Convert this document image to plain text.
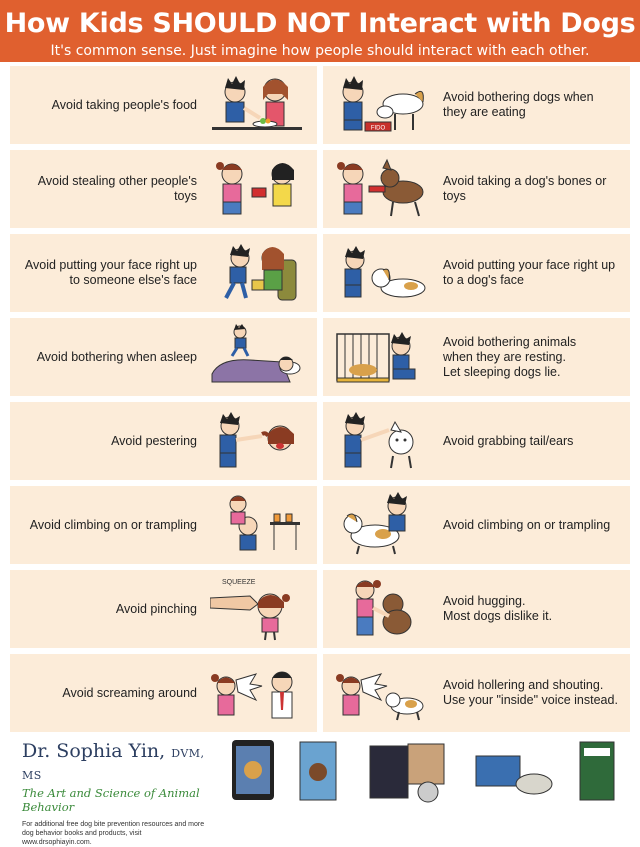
How Kids SHOULD NOT Interact with Dogs
It's common sense. Just imagine how people should interact with each other.
Avoid taking people's food
FIDO
Avoid bothering dogs when
they are eating
Avoid stealing other people's toys
Avoid taking a dog's bones or toys
Avoid putting your face right up
to someone else's face
Avoid putting your face right up
to a dog's face
Avoid bothering when asleep
Avoid bothering animals
when they are resting.
Let sleeping dogs lie.
Avoid pestering	Avoid grabbing tail/ears
Avoid climbing on or trampling	Avoid climbing on or trampling
Avoid pinching
SQUEEZE
Avoid hugging.
Most dogs dislike it.
Avoid screaming around
Avoid hollering and shouting.
Use your "inside" voice instead.
Dr. Sophia Yin, DVM, MS
The Art and Science of Animal Behavior
For additional free dog bite prevention resources and more
dog behavior books and products, visit www.drsophiayin.com.
